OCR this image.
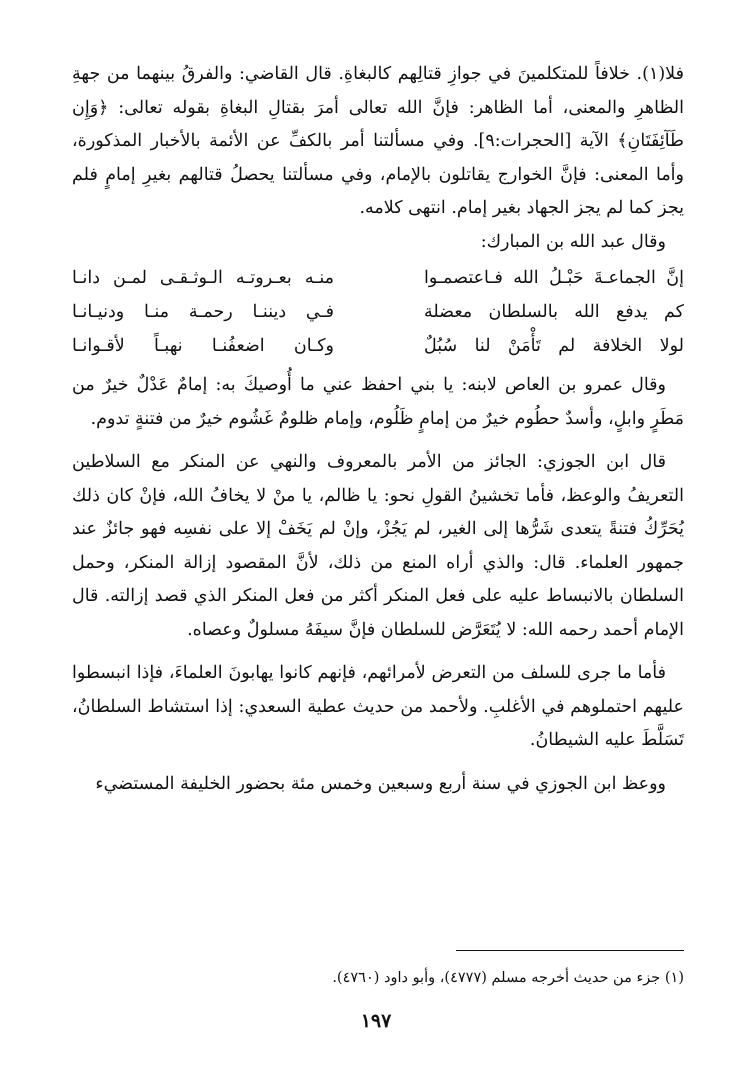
فلا(١). خلافاً للمتكلمينَ في جوازِ قتالِهم كالبغاةِ. قال القاضي: والفرقُ بينهما من جهةِ الظاهرِ والمعنى، أما الظاهر: فإنَّ الله تعالى أمرَ بقتالِ البغاةِ بقوله تعالى: ﴿وَإِن طَآئِفَتَانِ﴾ الآية [الحجرات:٩]. وفي مسألتنا أمر بالكفِّ عن الأئمة بالأخبار المذكورة، وأما المعنى: فإنَّ الخوارج يقاتلون بالإمام، وفي مسألتنا يحصلُ قتالهم بغيرِ إمامٍ فلم يجز كما لم يجز الجهاد بغير إمام. انتهى كلامه.

وقال عبد الله بن المبارك:

إنَّ الجماعـةَ حَبْـلُ الله فـاعتصمـوا
منـه بعـروتـه الـوثـقـى لمـن دانـا
كم يدفع الله بالسلطان معضلة
فـي ديننـا رحمـة منـا ودنيـانـا
لولا الخلافة لم تَأْمَنْ لنا سُبُلٌ
وكـان اضعفُنـا نهبـاً لأقـوانـا

وقال عمرو بن العاص لابنه: يا بني احفظ عني ما أُوصيكَ به: إمامٌ عَدْلٌ خيرٌ من مَطَرٍ وابلٍ، وأسدٌ حطُوم خيرٌ من إمامٍ ظَلُوم، وإمام ظلومٌ غَشُوم خيرٌ من فتنةٍ تدوم.

قال ابن الجوزي: الجائز من الأمر بالمعروف والنهي عن المنكر مع السلاطين التعريفُ والوعظ، فأما تخشينُ القولِ نحو: يا ظالم، يا منْ لا يخافُ الله، فإنْ كان ذلك يُحَرِّكُ فتنةً يتعدى شَرُّها إلى الغير، لم يَجُزْ، وإنْ لم يَخَفْ إلا على نفسِه فهو جائزٌ عند جمهور العلماء. قال: والذي أراه المنع من ذلك، لأنَّ المقصود إزالة المنكر، وحمل السلطان بالانبساط عليه على فعل المنكر أكثر من فعل المنكر الذي قصد إزالته. قال الإمام أحمد رحمه الله: لا يُتَعَرَّض للسلطان فإنَّ سيفَهُ مسلولٌ وعصاه.

فأما ما جرى للسلف من التعرض لأمرائهم، فإنهم كانوا يهابونَ العلماءَ، فإذا انبسطوا عليهم احتملوهم في الأغلبِ. ولأحمد من حديث عطية السعدي: إذا استشاط السلطانُ، تَسَلَّطَ عليه الشيطانُ.

ووعظ ابن الجوزي في سنة أربع وسبعين وخمس مئة بحضور الخليفة المستضيء

(١) جزء من حديث أخرجه مسلم (٤٧٧٧)، وأبو داود (٤٧٦٠).
١٩٧
